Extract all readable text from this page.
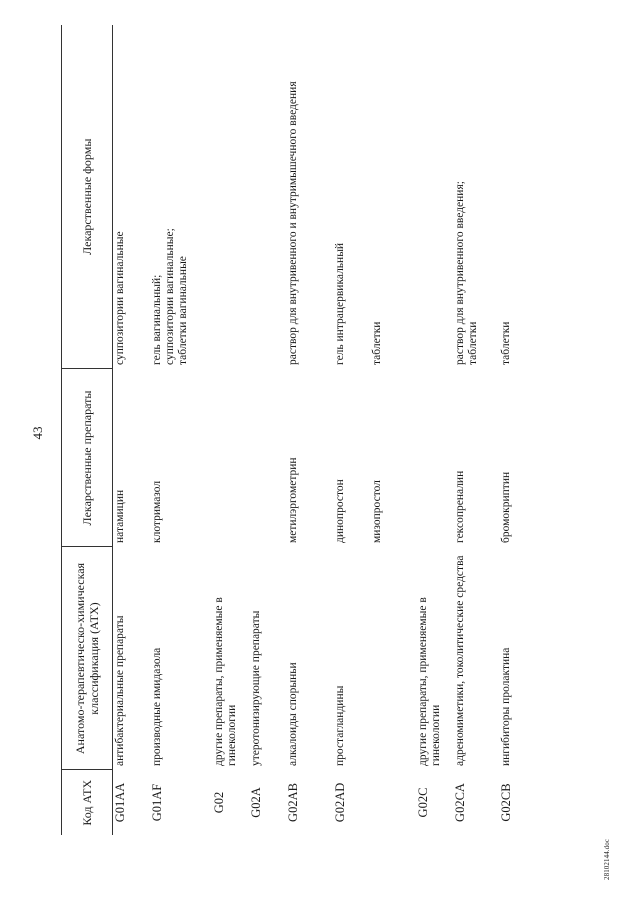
43
28102144.doc
Код АТХ	Анатомо-терапевтическо-химическая классификация (АТХ)	Лекарственные препараты	Лекарственные формы
G01AA	антибактериальные препараты	натамицин	суппозитории вагинальные
G01AF	производные имидазола	клотримазол	гель вагинальный; суппозитории вагинальные; таблетки вагинальные

G02	другие препараты, применяемые в гинекологии		
G02A	утеротонизирующие препараты		
G02AB	алкалоиды спорыньи	метилэргометрин	раствор для внутривенного и внутримышечного введения
G02AD	простагландины	динопростон	гель интрацервикальный
		мизопростол	таблетки
G02C	другие препараты, применяемые в гинекологии		
G02CA	адреномиметики, токолитические средства	гексопреналин	раствор для внутривенного введения; таблетки

G02CB	ингибиторы пролактина	бромокриптин	таблетки
